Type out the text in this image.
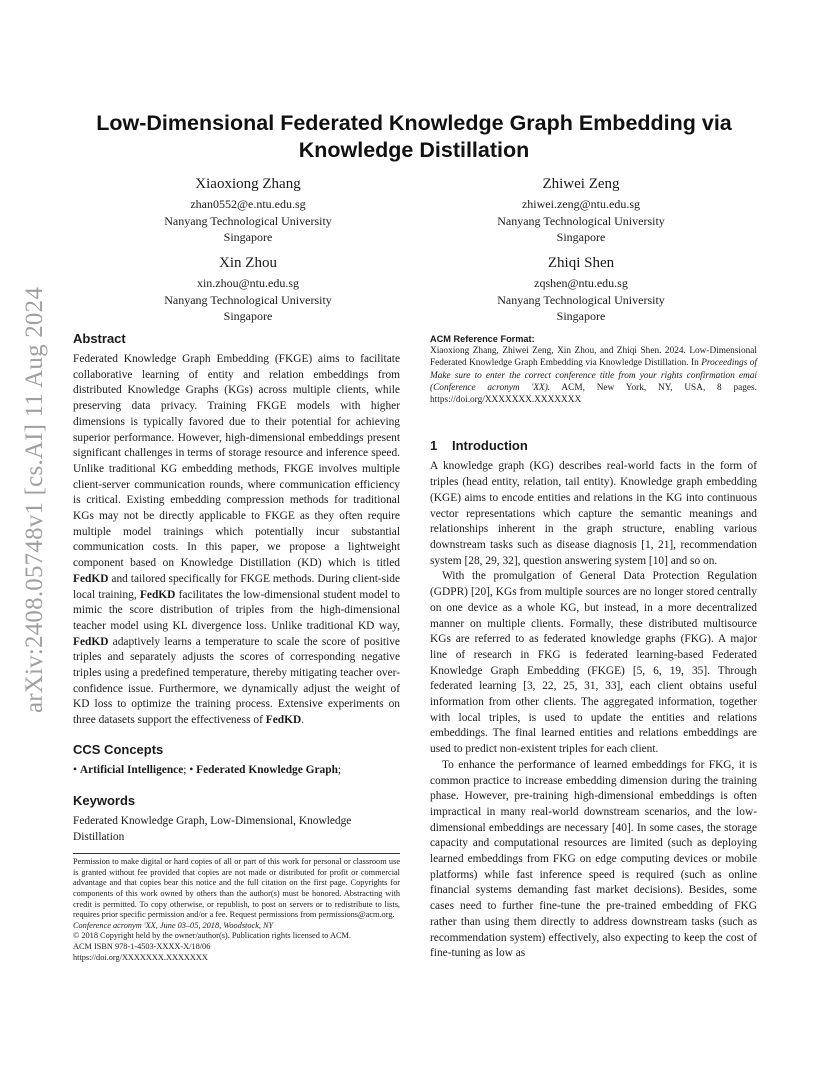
arXiv:2408.05748v1 [cs.AI] 11 Aug 2024
Low-Dimensional Federated Knowledge Graph Embedding via
Knowledge Distillation
Xiaoxiong Zhang
zhan0552@e.ntu.edu.sg
Nanyang Technological University
Singapore
Zhiwei Zeng
zhiwei.zeng@ntu.edu.sg
Nanyang Technological University
Singapore
Xin Zhou
xin.zhou@ntu.edu.sg
Nanyang Technological University
Singapore
Zhiqi Shen
zqshen@ntu.edu.sg
Nanyang Technological University
Singapore
Abstract

Federated Knowledge Graph Embedding (FKGE) aims to facilitate collaborative learning of entity and relation embeddings from distributed Knowledge Graphs (KGs) across multiple clients, while preserving data privacy. Training FKGE models with higher dimensions is typically favored due to their potential for achieving superior performance. However, high-dimensional embeddings present significant challenges in terms of storage resource and inference speed. Unlike traditional KG embedding methods, FKGE involves multiple client-server communication rounds, where communication efficiency is critical. Existing embedding compression methods for traditional KGs may not be directly applicable to FKGE as they often require multiple model trainings which potentially incur substantial communication costs. In this paper, we propose a lightweight component based on Knowledge Distillation (KD) which is titled FedKD and tailored specifically for FKGE methods. During client-side local training, FedKD facilitates the low-dimensional student model to mimic the score distribution of triples from the high-dimensional teacher model using KL divergence loss. Unlike traditional KD way, FedKD adaptively learns a temperature to scale the score of positive triples and separately adjusts the scores of corresponding negative triples using a predefined temperature, thereby mitigating teacher over-confidence issue. Furthermore, we dynamically adjust the weight of KD loss to optimize the training process. Extensive experiments on three datasets support the effectiveness of FedKD.

CCS Concepts
• Artificial Intelligence; • Federated Knowledge Graph;
Keywords

Federated Knowledge Graph, Low-Dimensional, Knowledge Distillation

Permission to make digital or hard copies of all or part of this work for personal or classroom use is granted without fee provided that copies are not made or distributed for profit or commercial advantage and that copies bear this notice and the full citation on the first page. Copyrights for components of this work owned by others than the author(s) must be honored. Abstracting with credit is permitted. To copy otherwise, or republish, to post on servers or to redistribute to lists, requires prior specific permission and/or a fee. Request permissions from permissions@acm.org.
Conference acronym 'XX, June 03–05, 2018, Woodstock, NY
© 2018 Copyright held by the owner/author(s). Publication rights licensed to ACM.
ACM ISBN 978-1-4503-XXXX-X/18/06
https://doi.org/XXXXXXX.XXXXXXX
ACM Reference Format:

Xiaoxiong Zhang, Zhiwei Zeng, Xin Zhou, and Zhiqi Shen. 2024. Low-Dimensional Federated Knowledge Graph Embedding via Knowledge Distillation. In Proceedings of Make sure to enter the correct conference title from your rights confirmation emai (Conference acronym 'XX). ACM, New York, NY, USA, 8 pages. https://doi.org/XXXXXXX.XXXXXXX

1 Introduction

A knowledge graph (KG) describes real-world facts in the form of triples (head entity, relation, tail entity). Knowledge graph embedding (KGE) aims to encode entities and relations in the KG into continuous vector representations which capture the semantic meanings and relationships inherent in the graph structure, enabling various downstream tasks such as disease diagnosis [1, 21], recommendation system [28, 29, 32], question answering system [10] and so on.

With the promulgation of General Data Protection Regulation (GDPR) [20], KGs from multiple sources are no longer stored centrally on one device as a whole KG, but instead, in a more decentralized manner on multiple clients. Formally, these distributed multisource KGs are referred to as federated knowledge graphs (FKG). A major line of research in FKG is federated learning-based Federated Knowledge Graph Embedding (FKGE) [5, 6, 19, 35]. Through federated learning [3, 22, 25, 31, 33], each client obtains useful information from other clients. The aggregated information, together with local triples, is used to update the entities and relations embeddings. The final learned entities and relations embeddings are used to predict non-existent triples for each client.

To enhance the performance of learned embeddings for FKG, it is common practice to increase embedding dimension during the training phase. However, pre-training high-dimensional embeddings is often impractical in many real-world downstream scenarios, and the low-dimensional embeddings are necessary [40]. In some cases, the storage capacity and computational resources are limited (such as deploying learned embeddings from FKG on edge computing devices or mobile platforms) while fast inference speed is required (such as online financial systems demanding fast market decisions). Besides, some cases need to further fine-tune the pre-trained embedding of FKG rather than using them directly to address downstream tasks (such as recommendation system) effectively, also expecting to keep the cost of fine-tuning as low as
